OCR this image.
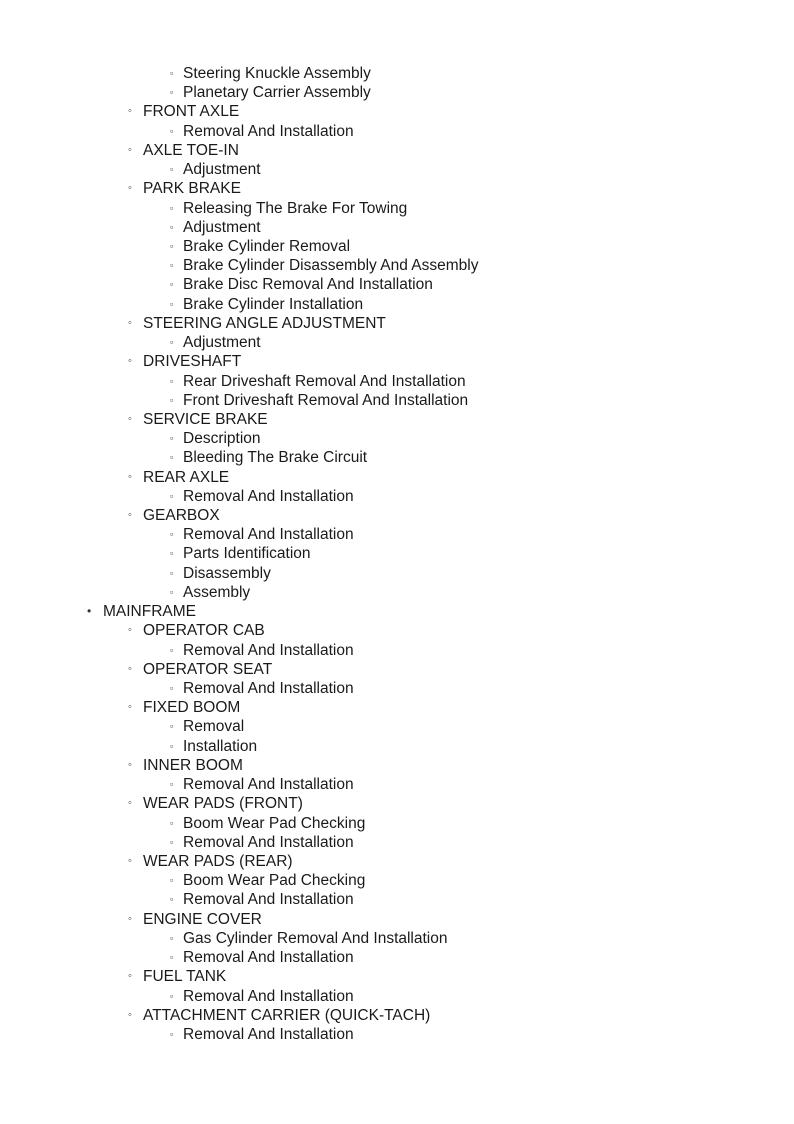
▫ Steering Knuckle Assembly
▫ Planetary Carrier Assembly
◦ FRONT AXLE
▫ Removal And Installation
◦ AXLE TOE-IN
▫ Adjustment
◦ PARK BRAKE
▫ Releasing The Brake For Towing
▫ Adjustment
▫ Brake Cylinder Removal
▫ Brake Cylinder Disassembly And Assembly
▫ Brake Disc Removal And Installation
▫ Brake Cylinder Installation
◦ STEERING ANGLE ADJUSTMENT
▫ Adjustment
◦ DRIVESHAFT
▫ Rear Driveshaft Removal And Installation
▫ Front Driveshaft Removal And Installation
◦ SERVICE BRAKE
▫ Description
▫ Bleeding The Brake Circuit
◦ REAR AXLE
▫ Removal And Installation
◦ GEARBOX
▫ Removal And Installation
▫ Parts Identification
▫ Disassembly
▫ Assembly
• MAINFRAME
◦ OPERATOR CAB
▫ Removal And Installation
◦ OPERATOR SEAT
▫ Removal And Installation
◦ FIXED BOOM
▫ Removal
▫ Installation
◦ INNER BOOM
▫ Removal And Installation
◦ WEAR PADS (FRONT)
▫ Boom Wear Pad Checking
▫ Removal And Installation
◦ WEAR PADS (REAR)
▫ Boom Wear Pad Checking
▫ Removal And Installation
◦ ENGINE COVER
▫ Gas Cylinder Removal And Installation
▫ Removal And Installation
◦ FUEL TANK
▫ Removal And Installation
◦ ATTACHMENT CARRIER (QUICK-TACH)
▫ Removal And Installation
